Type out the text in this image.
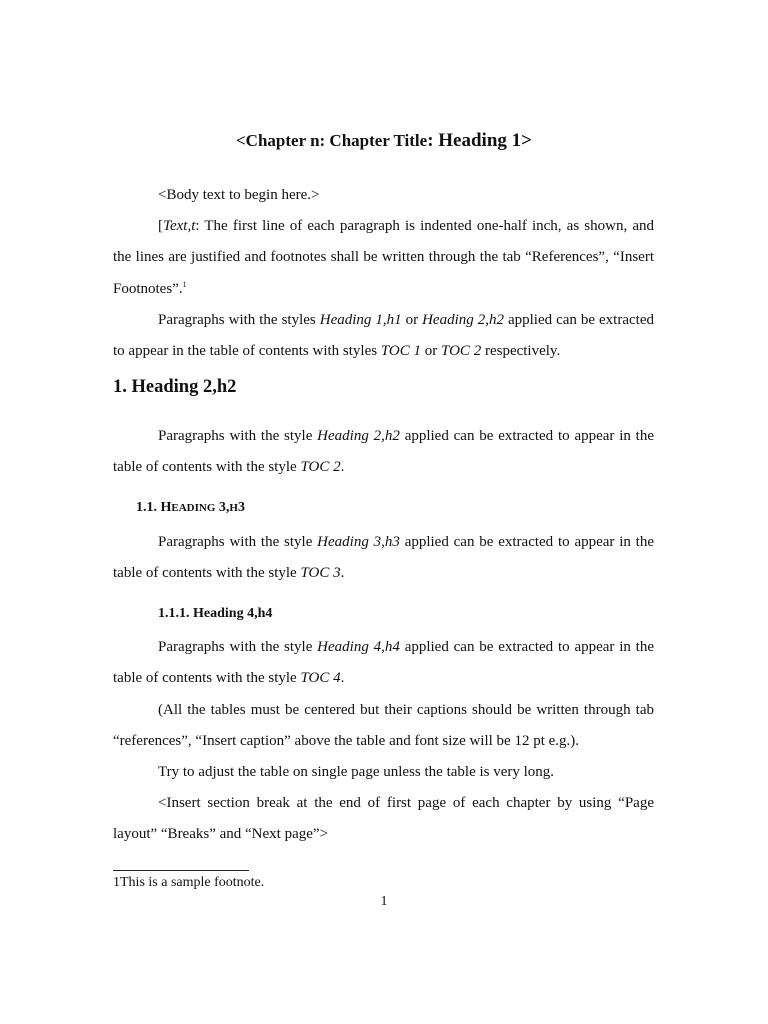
<Chapter n: Chapter Title: Heading 1>

<Body text to begin here.>

[Text,t: The first line of each paragraph is indented one-half inch, as shown, and

the lines are justified and footnotes shall be written through the tab “References”, “Insert

Footnotes”.$^1$

Paragraphs with the styles Heading 1,h1 or Heading 2,h2 applied can be extracted

to appear in the table of contents with styles TOC 1 or TOC 2 respectively.

1. Heading 2,h2

Paragraphs with the style Heading 2,h2 applied can be extracted to appear in the

table of contents with the style TOC 2.

1.1. HEADING 3,H3

Paragraphs with the style Heading 3,h3 applied can be extracted to appear in the

table of contents with the style TOC 3.

1.1.1. Heading 4,h4

Paragraphs with the style Heading 4,h4 applied can be extracted to appear in the

table of contents with the style TOC 4.

(All the tables must be centered but their captions should be written through tab

“references”, “Insert caption” above the table and font size will be 12 pt e.g.).

Try to adjust the table on single page unless the table is very long.

<Insert section break at the end of first page of each chapter by using “Page

layout” “Breaks” and “Next page”>

1This is a sample footnote.

1
